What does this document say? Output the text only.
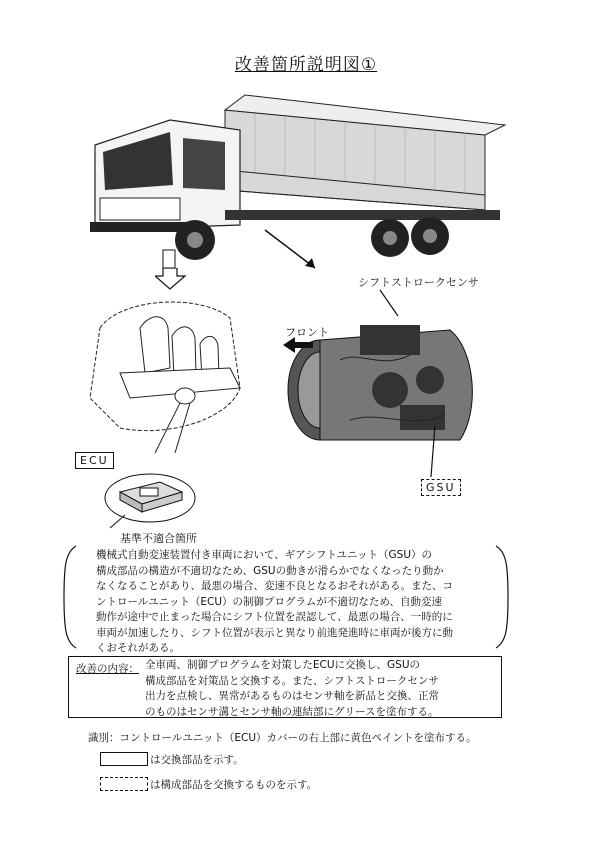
改善箇所説明図①
シフトストロークセンサ
フロント
ECU
GSU
基準不適合箇所
機械式自動変速装置付き車両において、ギアシフトユニット（GSU）の
構成部品の構造が不適切なため、GSUの動きが滑らかでなくなったり動か
なくなることがあり、最悪の場合、変速不良となるおそれがある。また、コ
ントロールユニット（ECU）の制御プログラムが不適切なため、自動変速
動作が途中で止まった場合にシフト位置を誤認して、最悪の場合、一時的に
車両が加速したり、シフト位置が表示と異なり前進発進時に車両が後方に動
くおそれがある。
改善の内容： 全車両、制御プログラムを対策したECUに交換し、GSUの
構成部品を対策品と交換する。また、シフトストロークセンサ
出力を点検し、異常があるものはセンサ軸を新品と交換、正常
のものはセンサ溝とセンサ軸の連結部にグリースを塗布する。
識別：コントロールユニット（ECU）カバーの右上部に黄色ペイントを塗布する。
は交換部品を示す。
は構成部品を交換するものを示す。
